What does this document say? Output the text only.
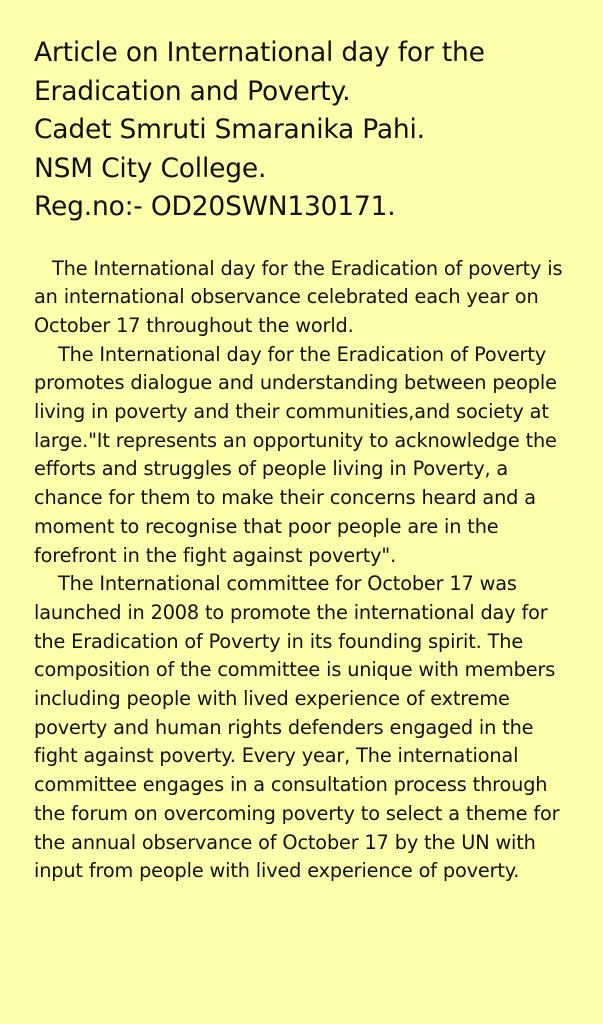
Article on International day for the
Eradication and Poverty.
Cadet Smruti Smaranika Pahi.
NSM City College.
Reg.no:- OD20SWN130171.

The International day for the Eradication of poverty is an international observance celebrated each year on October 17 throughout the world.

The International day for the Eradication of Poverty promotes dialogue and understanding between people living in poverty and their communities,and society at large."It represents an opportunity to acknowledge the efforts and struggles of people living in Poverty, a chance for them to make their concerns heard and a moment to recognise that poor people are in the forefront in the fight against poverty".

The International committee for October 17 was launched in 2008 to promote the international day for the Eradication of Poverty in its founding spirit. The composition of the committee is unique with members including people with lived experience of extreme poverty and human rights defenders engaged in the fight against poverty. Every year, The international committee engages in a consultation process through the forum on overcoming poverty to select a theme for the annual observance of October 17 by the UN with input from people with lived experience of poverty.
